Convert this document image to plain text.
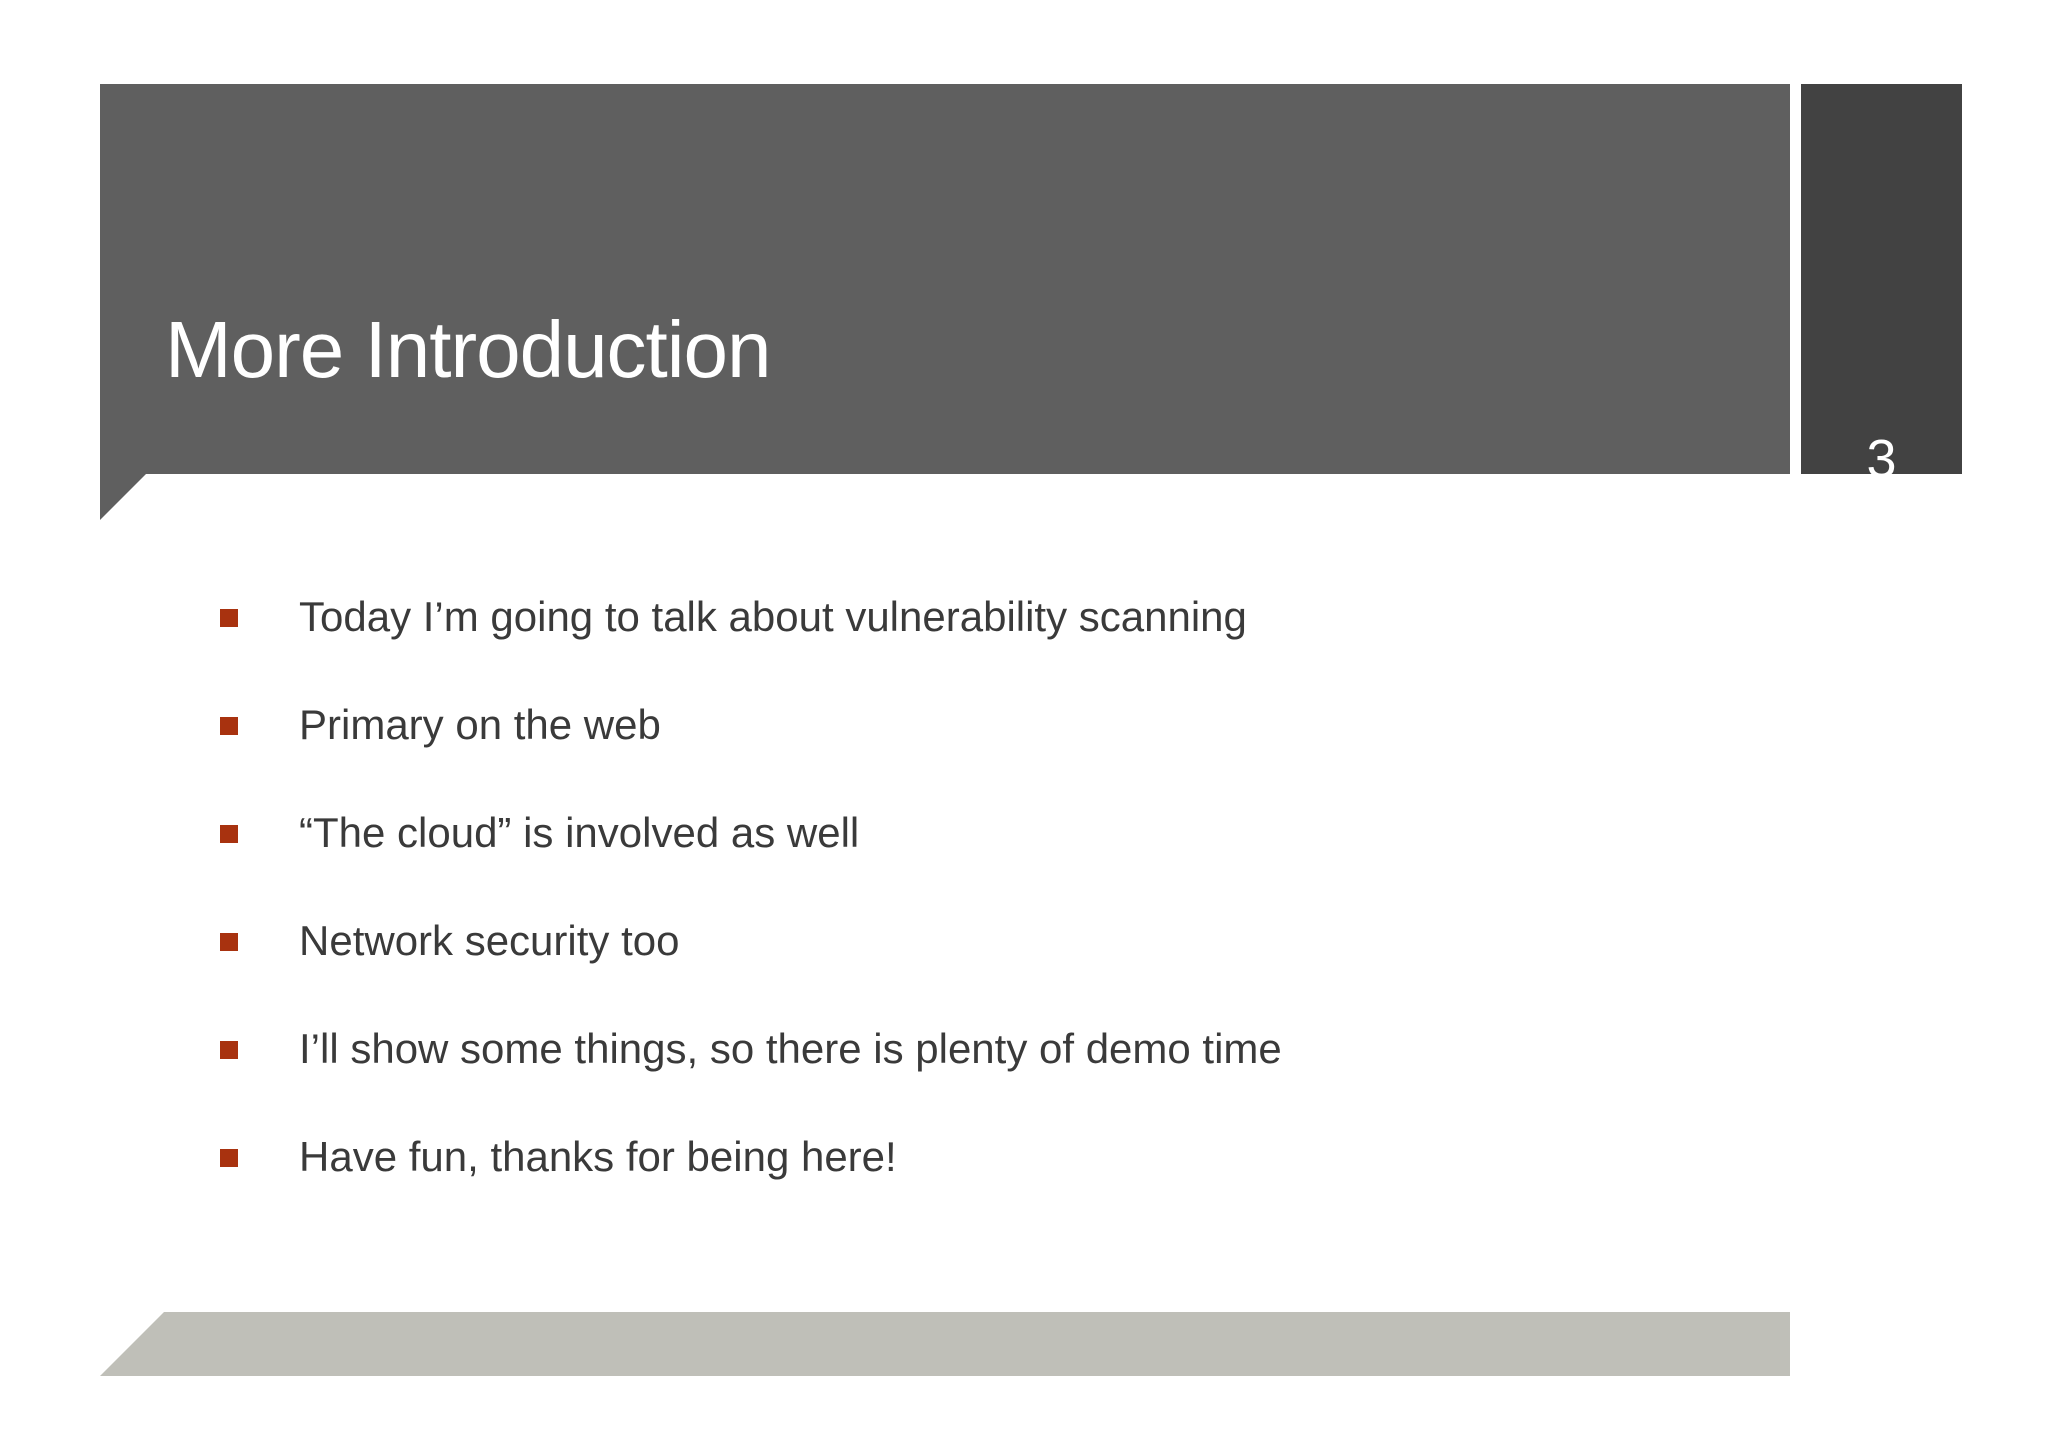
More Introduction
3
Today I’m going to talk about vulnerability scanning
Primary on the web
“The cloud” is involved as well
Network security too
I’ll show some things, so there is plenty of demo time
Have fun, thanks for being here!
